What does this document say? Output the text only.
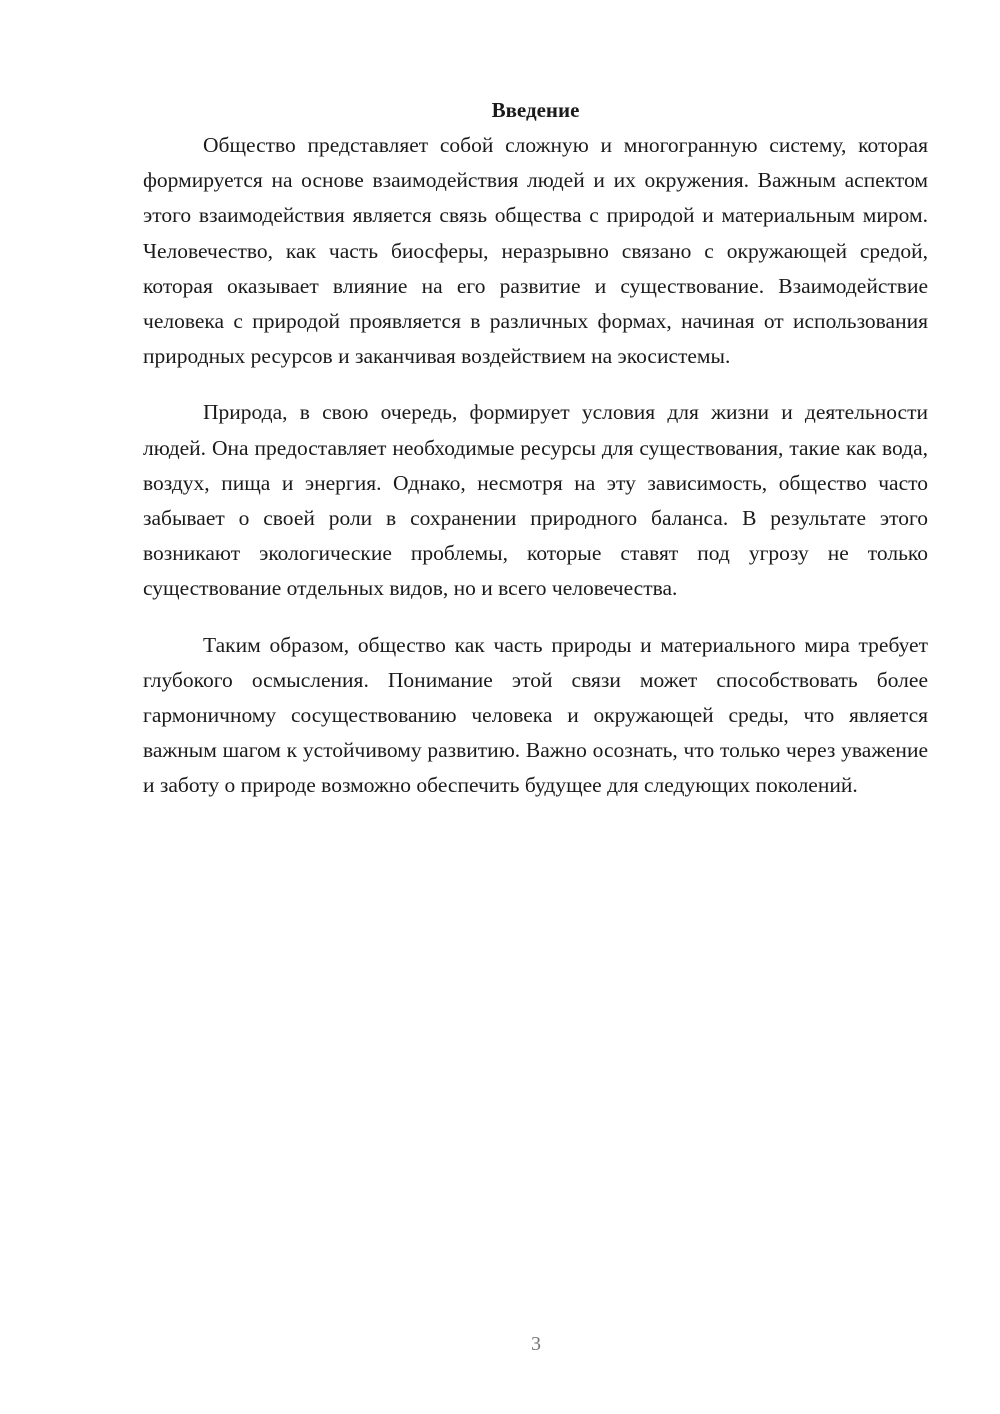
Введение

Общество представляет собой сложную и многогранную систему, которая формируется на основе взаимодействия людей и их окружения. Важным аспектом этого взаимодействия является связь общества с природой и материальным миром. Человечество, как часть биосферы, неразрывно связано с окружающей средой, которая оказывает влияние на его развитие и существование. Взаимодействие человека с природой проявляется в различных формах, начиная от использования природных ресурсов и заканчивая воздействием на экосистемы.

Природа, в свою очередь, формирует условия для жизни и деятельности людей. Она предоставляет необходимые ресурсы для существования, такие как вода, воздух, пища и энергия. Однако, несмотря на эту зависимость, общество часто забывает о своей роли в сохранении природного баланса. В результате этого возникают экологические проблемы, которые ставят под угрозу не только существование отдельных видов, но и всего человечества.

Таким образом, общество как часть природы и материального мира требует глубокого осмысления. Понимание этой связи может способствовать более гармоничному сосуществованию человека и окружающей среды, что является важным шагом к устойчивому развитию. Важно осознать, что только через уважение и заботу о природе возможно обеспечить будущее для следующих поколений.

3
